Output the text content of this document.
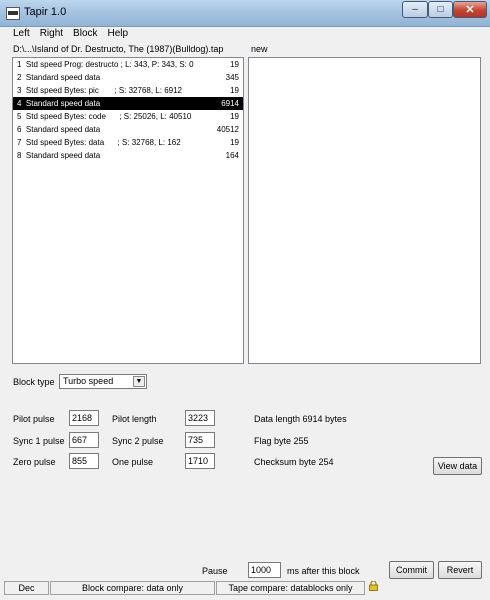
Tapir 1.0	–	□	✕
Left	Right	Block	Help
D:\...\Island of Dr. Destructo, The (1987)(Bulldog).tap	new
1  Std speed Prog: destructo ; L: 343, P: 343, S: 0	19
2  Standard speed data	345
3  Std speed Bytes: pic       ; S: 32768, L: 6912	19
4  Standard speed data	6914
5  Std speed Bytes: code      ; S: 25026, L: 40510	19
6  Standard speed data	40512
7  Std speed Bytes: data      ; S: 32768, L: 162	19
8  Standard speed data	164
Block type Turbo speed	▼
Pilot pulse	2168	Pilot length	3223	Data length 6914 bytes
Sync 1 pulse 667	Sync 2 pulse	735	Flag byte 255
Zero pulse	855	One pulse	1710	Checksum byte 254	View data
Pause	1000	ms after this block	Commit	Revert
Dec	Block compare: data only	Tape compare: datablocks only
